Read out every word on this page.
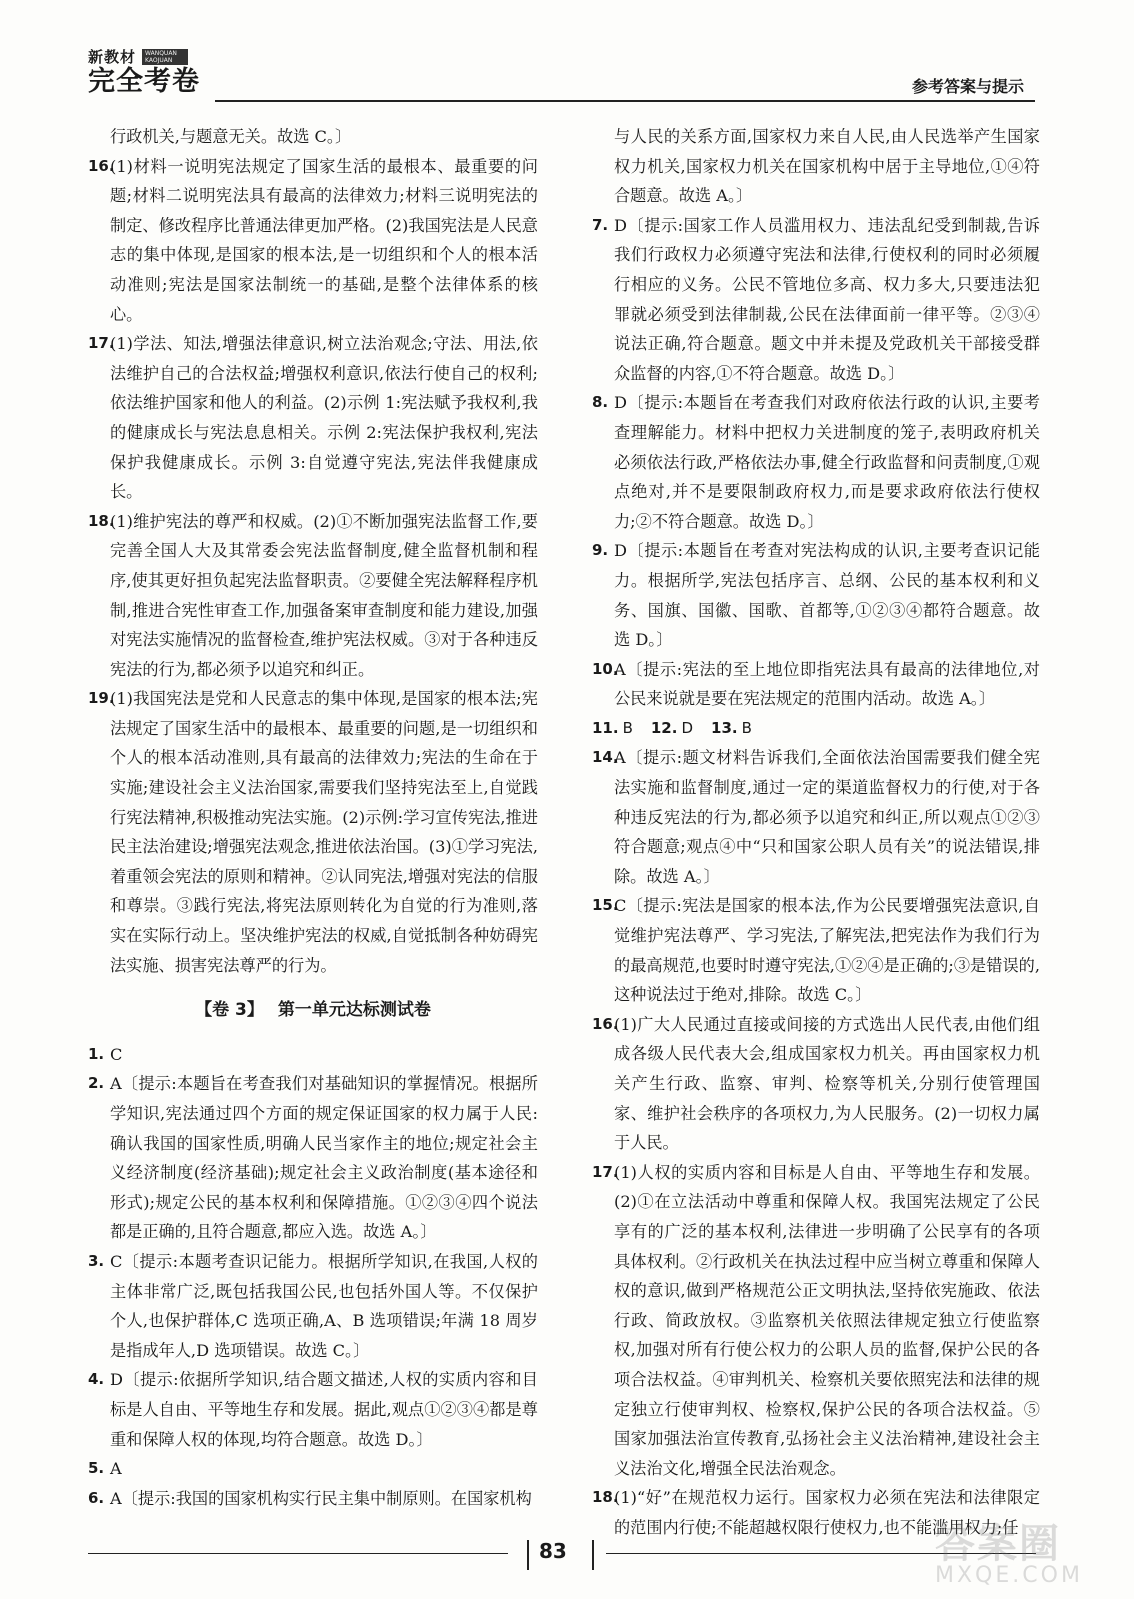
新教材	WANQUAN KAOJUAN
完全考卷	参考答案与提示
行政机关,与题意无关。故选 C。〕
16.
(1)材料一说明宪法规定了国家生活的最根本、最重要的问题;材料二说明宪法具有最高的法律效力;材料三说明宪法的制定、修改程序比普通法律更加严格。(2)我国宪法是人民意志的集中体现,是国家的根本法,是一切组织和个人的根本活动准则;宪法是国家法制统一的基础,是整个法律体系的核心。
17.
(1)学法、知法,增强法律意识,树立法治观念;守法、用法,依法维护自己的合法权益;增强权利意识,依法行使自己的权利;依法维护国家和他人的利益。(2)示例 1:宪法赋予我权利,我的健康成长与宪法息息相关。示例 2:宪法保护我权利,宪法保护我健康成长。示例 3:自觉遵守宪法,宪法伴我健康成长。
18.
(1)维护宪法的尊严和权威。(2)①不断加强宪法监督工作,要完善全国人大及其常委会宪法监督制度,健全监督机制和程序,使其更好担负起宪法监督职责。②要健全宪法解释程序机制,推进合宪性审查工作,加强备案审查制度和能力建设,加强对宪法实施情况的监督检查,维护宪法权威。③对于各种违反宪法的行为,都必须予以追究和纠正。
19.
(1)我国宪法是党和人民意志的集中体现,是国家的根本法;宪法规定了国家生活中的最根本、最重要的问题,是一切组织和个人的根本活动准则,具有最高的法律效力;宪法的生命在于实施;建设社会主义法治国家,需要我们坚持宪法至上,自觉践行宪法精神,积极推动宪法实施。(2)示例:学习宣传宪法,推进民主法治建设;增强宪法观念,推进依法治国。(3)①学习宪法,着重领会宪法的原则和精神。②认同宪法,增强对宪法的信服和尊崇。③践行宪法,将宪法原则转化为自觉的行为准则,落实在实际行动上。坚决维护宪法的权威,自觉抵制各种妨碍宪法实施、损害宪法尊严的行为。
【卷 3】 第一单元达标测试卷
1. C
2. A〔提示:本题旨在考查我们对基础知识的掌握情况。根据所学知识,宪法通过四个方面的规定保证国家的权力属于人民:确认我国的国家性质,明确人民当家作主的地位;规定社会主义经济制度(经济基础);规定社会主义政治制度(基本途径和形式);规定公民的基本权利和保障措施。①②③④四个说法都是正确的,且符合题意,都应入选。故选 A。〕
3. C〔提示:本题考查识记能力。根据所学知识,在我国,人权的主体非常广泛,既包括我国公民,也包括外国人等。不仅保护个人,也保护群体,C 选项正确,A、B 选项错误;年满 18 周岁是指成年人,D 选项错误。故选 C。〕
4. D〔提示:依据所学知识,结合题文描述,人权的实质内容和目标是人自由、平等地生存和发展。据此,观点①②③④都是尊重和保障人权的体现,均符合题意。故选 D。〕
5. A
6. A〔提示:我国的国家机构实行民主集中制原则。在国家机构
与人民的关系方面,国家权力来自人民,由人民选举产生国家权力机关,国家权力机关在国家机构中居于主导地位,①④符合题意。故选 A。〕
7. D〔提示:国家工作人员滥用权力、违法乱纪受到制裁,告诉我们行政权力必须遵守宪法和法律,行使权利的同时必须履行相应的义务。公民不管地位多高、权力多大,只要违法犯罪就必须受到法律制裁,公民在法律面前一律平等。②③④说法正确,符合题意。题文中并未提及党政机关干部接受群众监督的内容,①不符合题意。故选 D。〕
8. D〔提示:本题旨在考查我们对政府依法行政的认识,主要考查理解能力。材料中把权力关进制度的笼子,表明政府机关必须依法行政,严格依法办事,健全行政监督和问责制度,①观点绝对,并不是要限制政府权力,而是要求政府依法行使权力;②不符合题意。故选 D。〕
9. D〔提示:本题旨在考查对宪法构成的认识,主要考查识记能力。根据所学,宪法包括序言、总纲、公民的基本权利和义务、国旗、国徽、国歌、首都等,①②③④都符合题意。故选 D。〕
10.
A〔提示:宪法的至上地位即指宪法具有最高的法律地位,对公民来说就是要在宪法规定的范围内活动。故选 A。〕
11. B 12. D 13. B
14.
A〔提示:题文材料告诉我们,全面依法治国需要我们健全宪法实施和监督制度,通过一定的渠道监督权力的行使,对于各种违反宪法的行为,都必须予以追究和纠正,所以观点①②③符合题意;观点④中“只和国家公职人员有关”的说法错误,排除。故选 A。〕
15.
C〔提示:宪法是国家的根本法,作为公民要增强宪法意识,自觉维护宪法尊严、学习宪法,了解宪法,把宪法作为我们行为的最高规范,也要时时遵守宪法,①②④是正确的;③是错误的,这种说法过于绝对,排除。故选 C。〕
16.
(1)广大人民通过直接或间接的方式选出人民代表,由他们组成各级人民代表大会,组成国家权力机关。再由国家权力机关产生行政、监察、审判、检察等机关,分别行使管理国家、维护社会秩序的各项权力,为人民服务。(2)一切权力属于人民。
17.
(1)人权的实质内容和目标是人自由、平等地生存和发展。(2)①在立法活动中尊重和保障人权。我国宪法规定了公民享有的广泛的基本权利,法律进一步明确了公民享有的各项具体权利。②行政机关在执法过程中应当树立尊重和保障人权的意识,做到严格规范公正文明执法,坚持依宪施政、依法行政、简政放权。③监察机关依照法律规定独立行使监察权,加强对所有行使公权力的公职人员的监督,保护公民的各项合法权益。④审判机关、检察机关要依照宪法和法律的规定独立行使审判权、检察权,保护公民的各项合法权益。⑤国家加强法治宣传教育,弘扬社会主义法治精神,建设社会主义法治文化,增强全民法治观念。
18.
(1)“好”在规范权力运行。国家权力必须在宪法和法律限定的范围内行使;不能超越权限行使权力,也不能滥用权力;任
83	答案圈
MXQE.COM
